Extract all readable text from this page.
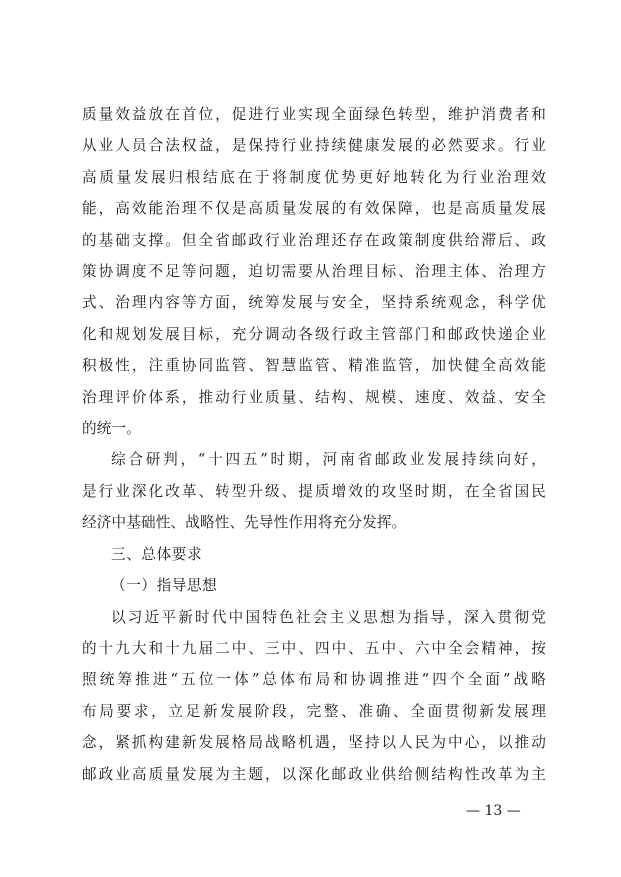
质量效益放在首位，促进行业实现全面绿色转型，维护消费者和

从业人员合法权益，是保持行业持续健康发展的必然要求。行业

高质量发展归根结底在于将制度优势更好地转化为行业治理效

能，高效能治理不仅是高质量发展的有效保障，也是高质量发展

的基础支撑。但全省邮政行业治理还存在政策制度供给滞后、政

策协调度不足等问题，迫切需要从治理目标、治理主体、治理方

式、治理内容等方面，统筹发展与安全，坚持系统观念，科学优

化和规划发展目标，充分调动各级行政主管部门和邮政快递企业

积极性，注重协同监管、智慧监管、精准监管，加快健全高效能

治理评价体系，推动行业质量、结构、规模、速度、效益、安全

的统一。

综合研判，“十四五”时期，河南省邮政业发展持续向好，

是行业深化改革、转型升级、提质增效的攻坚时期，在全省国民

经济中基础性、战略性、先导性作用将充分发挥。

三、总体要求

（一）指导思想

以习近平新时代中国特色社会主义思想为指导，深入贯彻党

的十九大和十九届二中、三中、四中、五中、六中全会精神，按

照统筹推进“五位一体”总体布局和协调推进“四个全面”战略

布局要求，立足新发展阶段，完整、准确、全面贯彻新发展理

念，紧抓构建新发展格局战略机遇，坚持以人民为中心，以推动

邮政业高质量发展为主题，以深化邮政业供给侧结构性改革为主

— 13 —
